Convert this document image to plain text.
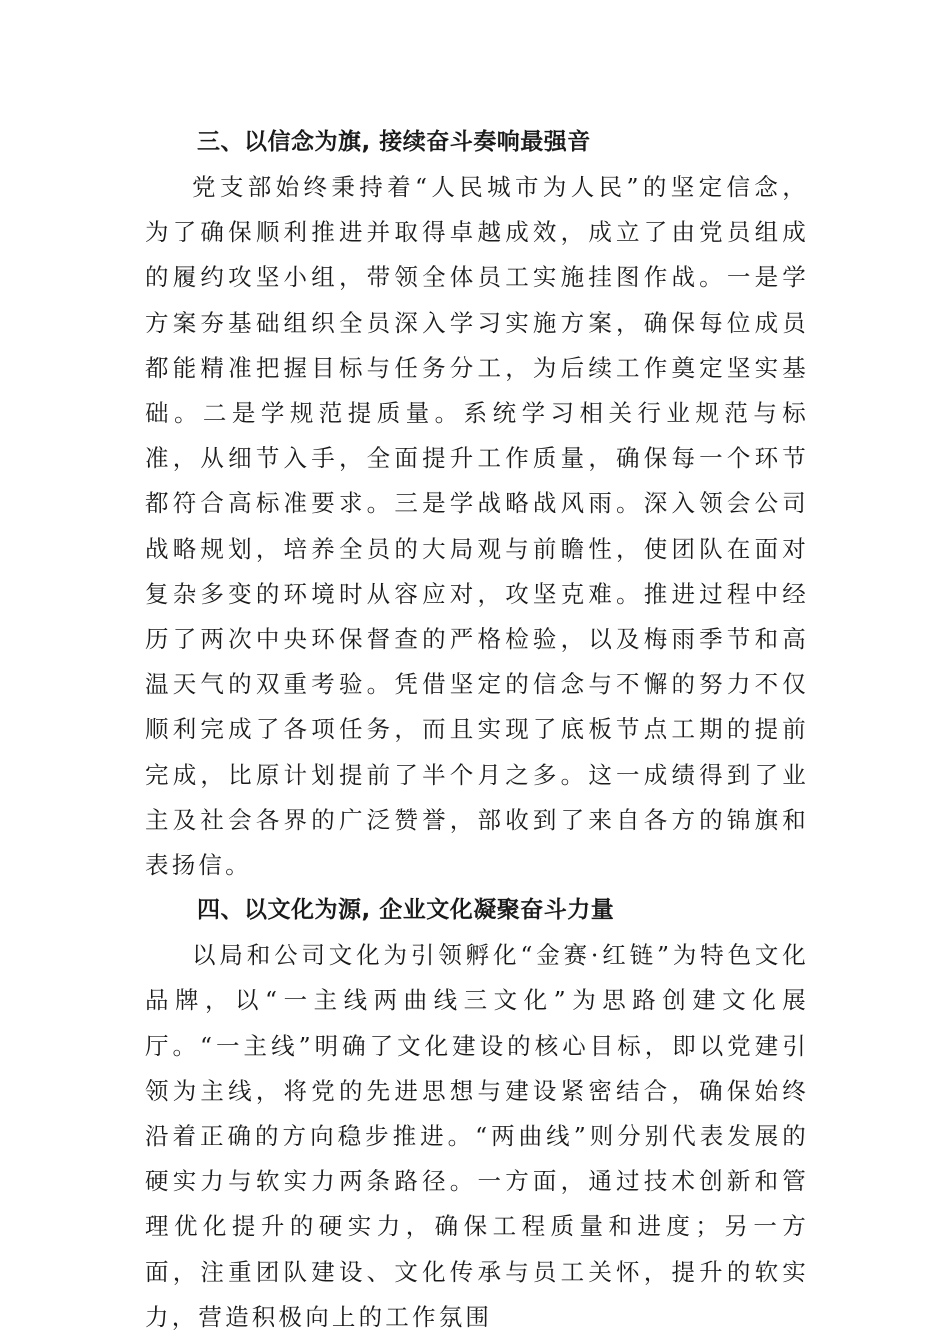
三、以信念为旗, 接续奋斗奏响最强音

党支部始终秉持着“人民城市为人民”的坚定信念，为了确保顺利推进并取得卓越成效，成立了由党员组成的履约攻坚小组，带领全体员工实施挂图作战。一是学方案夯基础组织全员深入学习实施方案，确保每位成员都能精准把握目标与任务分工，为后续工作奠定坚实基础。二是学规范提质量。系统学习相关行业规范与标准，从细节入手，全面提升工作质量，确保每一个环节都符合高标准要求。三是学战略战风雨。深入领会公司战略规划，培养全员的大局观与前瞻性，使团队在面对复杂多变的环境时从容应对，攻坚克难。推进过程中经历了两次中央环保督查的严格检验，以及梅雨季节和高温天气的双重考验。凭借坚定的信念与不懈的努力不仅顺利完成了各项任务，而且实现了底板节点工期的提前完成，比原计划提前了半个月之多。这一成绩得到了业主及社会各界的广泛赞誉，部收到了来自各方的锦旗和表扬信。

四、以文化为源, 企业文化凝聚奋斗力量

以局和公司文化为引领孵化“金赛·红链”为特色文化品牌，以“一主线两曲线三文化”为思路创建文化展厅。“一主线”明确了文化建设的核心目标，即以党建引领为主线，将党的先进思想与建设紧密结合，确保始终沿着正确的方向稳步推进。“两曲线”则分别代表发展的硬实力与软实力两条路径。一方面，通过技术创新和管理优化提升的硬实力，确保工程质量和进度；另一方面，注重团队建设、文化传承与员工关怀，提升的软实力，营造积极向上的工作氛围
